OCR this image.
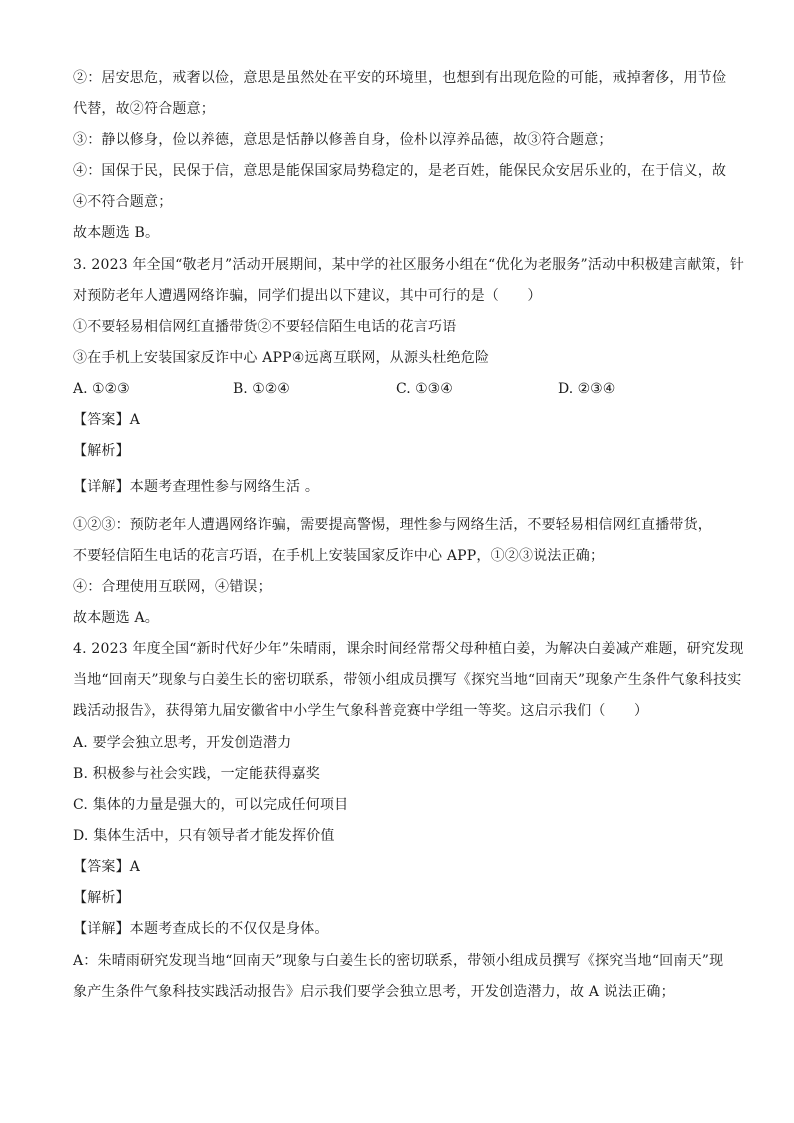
②：居安思危，戒奢以俭，意思是虽然处在平安的环境里，也想到有出现危险的可能，戒掉奢侈，用节俭
代替，故②符合题意；
③：静以修身，俭以养德，意思是恬静以修善自身，俭朴以淳养品德，故③符合题意；
④：国保于民，民保于信，意思是能保国家局势稳定的，是老百姓，能保民众安居乐业的，在于信义，故
④不符合题意；
故本题选 B。
3. 2023 年全国“敬老月”活动开展期间，某中学的社区服务小组在“优化为老服务”活动中积极建言献策，针
对预防老年人遭遇网络诈骗，同学们提出以下建议，其中可行的是（　　）
①不要轻易相信网红直播带货②不要轻信陌生电话的花言巧语
③在手机上安装国家反诈中心 APP④远离互联网，从源头杜绝危险
A. ①②③	B. ①②④	C. ①③④	D. ②③④
【答案】A
【解析】
【详解】本题考查理性参与网络生活 。
①②③：预防老年人遭遇网络诈骗，需要提高警惕，理性参与网络生活，不要轻易相信网红直播带货，
不要轻信陌生电话的花言巧语，在手机上安装国家反诈中心 APP，①②③说法正确；
④：合理使用互联网，④错误；
故本题选 A。
4. 2023 年度全国“新时代好少年”朱晴雨，课余时间经常帮父母种植白姜，为解决白姜减产难题，研究发现
当地“回南天”现象与白姜生长的密切联系，带领小组成员撰写《探究当地“回南天”现象产生条件气象科技实
践活动报告》，获得第九届安徽省中小学生气象科普竞赛中学组一等奖。这启示我们（　　）
A. 要学会独立思考，开发创造潜力
B. 积极参与社会实践，一定能获得嘉奖
C. 集体的力量是强大的，可以完成任何项目
D. 集体生活中，只有领导者才能发挥价值
【答案】A
【解析】
【详解】本题考查成长的不仅仅是身体。
A：朱晴雨研究发现当地“回南天”现象与白姜生长的密切联系，带领小组成员撰写《探究当地“回南天”现
象产生条件气象科技实践活动报告》启示我们要学会独立思考，开发创造潜力，故 A 说法正确；
